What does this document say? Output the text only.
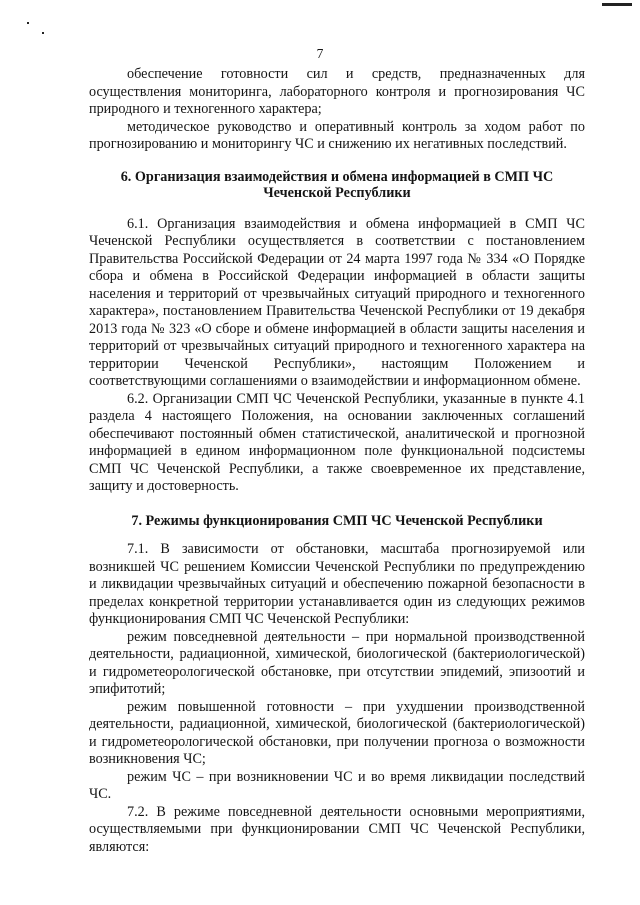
7

обеспечение готовности сил и средств, предназначенных для осуществления мониторинга, лабораторного контроля и прогнозирования ЧС природного и техногенного характера;

методическое руководство и оперативный контроль за ходом работ по прогнозированию и мониторингу ЧС и снижению их негативных последствий.

6. Организация взаимодействия и обмена информацией в СМП ЧС Чеченской Республики

6.1. Организация взаимодействия и обмена информацией в СМП ЧС Чеченской Республики осуществляется в соответствии с постановлением Правительства Российской Федерации от 24 марта 1997 года № 334 «О Порядке сбора и обмена в Российской Федерации информацией в области защиты населения и территорий от чрезвычайных ситуаций природного и техногенного характера», постановлением Правительства Чеченской Республики от 19 декабря 2013 года № 323 «О сборе и обмене информацией в области защиты населения и территорий от чрезвычайных ситуаций природного и техногенного характера на территории Чеченской Республики», настоящим Положением и соответствующими соглашениями о взаимодействии и информационном обмене.

6.2. Организации СМП ЧС Чеченской Республики, указанные в пункте 4.1 раздела 4 настоящего Положения, на основании заключенных соглашений обеспечивают постоянный обмен статистической, аналитической и прогнозной информацией в едином информационном поле функциональной подсистемы СМП ЧС Чеченской Республики, а также своевременное их представление, защиту и достоверность.

7. Режимы функционирования СМП ЧС Чеченской Республики

7.1. В зависимости от обстановки, масштаба прогнозируемой или возникшей ЧС решением Комиссии Чеченской Республики по предупреждению и ликвидации чрезвычайных ситуаций и обеспечению пожарной безопасности в пределах конкретной территории устанавливается один из следующих режимов функционирования СМП ЧС Чеченской Республики:

режим повседневной деятельности – при нормальной производственной деятельности, радиационной, химической, биологической (бактериологической) и гидрометеорологической обстановке, при отсутствии эпидемий, эпизоотий и эпифитотий;

режим повышенной готовности – при ухудшении производственной деятельности, радиационной, химической, биологической (бактериологической) и гидрометеорологической обстановки, при получении прогноза о возможности возникновения ЧС;

режим ЧС – при возникновении ЧС и во время ликвидации последствий ЧС.

7.2. В режиме повседневной деятельности основными мероприятиями, осуществляемыми при функционировании СМП ЧС Чеченской Республики, являются:
